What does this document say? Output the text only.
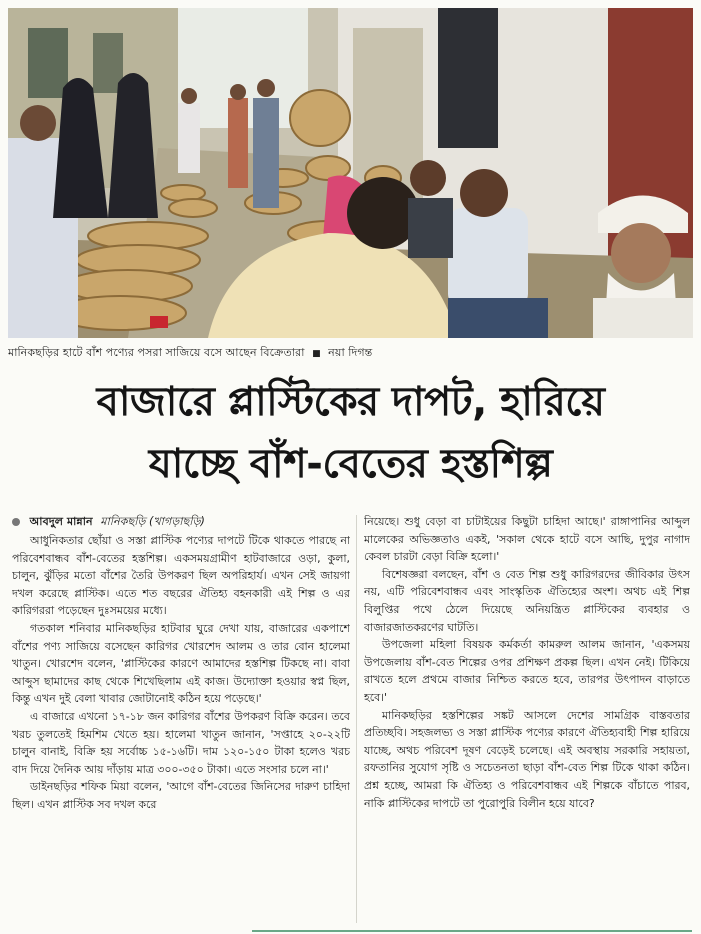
মানিকছড়ির হাটে বাঁশ পণ্যের পসরা সাজিয়ে বসে আছেন বিক্রেতারা ■ নয়া দিগন্ত
বাজারে প্লাস্টিকের দাপট, হারিয়ে
যাচ্ছে বাঁশ-বেতের হস্তশিল্প
আবদুল মান্নান মানিকছড়ি (খাগড়াছড়ি)

আধুনিকতার ছোঁয়া ও সস্তা প্লাস্টিক পণ্যের দাপটে টিকে থাকতে পারছে না পরিবেশবান্ধব বাঁশ-বেতের হস্তশিল্প। একসময়গ্রামীণ হাটবাজারে ওড়া, কুলা, চালুন, ঝুঁড়ির মতো বাঁশের তৈরি উপকরণ ছিল অপরিহার্য। এখন সেই জায়গা দখল করেছে প্লাস্টিক। এতে শত বছরের ঐতিহ্য বহনকারী এই শিল্প ও এর কারিগররা পড়েছেন দুঃসময়ের মধ্যে।

গতকাল শনিবার মানিকছড়ির হাটবার ঘুরে দেখা যায়, বাজারের একপাশে বাঁশের পণ্য সাজিয়ে বসেছেন কারিগর খোরশেদ আলম ও তার বোন হালেমা খাতুন। খোরশেদ বলেন, 'প্লাস্টিকের কারণে আমাদের হস্তশিল্প টিকছে না। বাবা আব্দুস ছামাদের কাছ থেকে শিখেছিলাম এই কাজ। উদ্যোক্তা হওয়ার স্বপ্ন ছিল, কিন্তু এখন দুই বেলা খাবার জোটানোই কঠিন হয়ে পড়েছে।'

এ বাজারে এখনো ১৭-১৮ জন কারিগর বাঁশের উপকরণ বিক্রি করেন। তবে খরচ তুলতেই হিমশিম খেতে হয়। হালেমা খাতুন জানান, 'সপ্তাহে ২০-২২টি চালুন বানাই, বিক্রি হয় সর্বোচ্চ ১৫-১৬টি। দাম ১২০-১৫০ টাকা হলেও খরচ বাদ দিয়ে দৈনিক আয় দাঁড়ায় মাত্র ৩০০-৩৫০ টাকা। এতে সংসার চলে না।'

ডাইনছড়ির শফিক মিয়া বলেন, 'আগে বাঁশ-বেতের জিনিসের দারুণ চাহিদা ছিল। এখন প্লাস্টিক সব দখল করে

নিয়েছে। শুধু বেড়া বা চাটাইয়ের কিছুটা চাহিদা আছে।' রাঙ্গাপানির আব্দুল মালেকের অভিজ্ঞতাও একই, 'সকাল থেকে হাটে বসে আছি, দুপুর নাগাদ কেবল চারটা বেড়া বিক্রি হলো।'

বিশেষজ্ঞরা বলছেন, বাঁশ ও বেত শিল্প শুধু কারিগরদের জীবিকার উৎস নয়, এটি পরিবেশবান্ধব এবং সাংস্কৃতিক ঐতিহ্যের অংশ। অথচ এই শিল্প বিলুপ্তির পথে ঠেলে দিয়েছে অনিয়ন্ত্রিত প্লাস্টিকের ব্যবহার ও বাজারজাতকরণের ঘাটতি।

উপজেলা মহিলা বিষয়ক কর্মকর্তা কামরুল আলম জানান, 'একসময় উপজেলায় বাঁশ-বেত শিল্পের ওপর প্রশিক্ষণ প্রকল্প ছিল। এখন নেই। টিকিয়ে রাখতে হলে প্রথমে বাজার নিশ্চিত করতে হবে, তারপর উৎপাদন বাড়াতে হবে।'

মানিকছড়ির হস্তশিল্পের সঙ্কট আসলে দেশের সামগ্রিক বাস্তবতার প্রতিচ্ছবি। সহজলভ্য ও সস্তা প্লাস্টিক পণ্যের কারণে ঐতিহ্যবাহী শিল্প হারিয়ে যাচ্ছে, অথচ পরিবেশ দূষণ বেড়েই চলেছে। এই অবস্থায় সরকারি সহায়তা, রফতানির সুযোগ সৃষ্টি ও সচেতনতা ছাড়া বাঁশ-বেত শিল্প টিকে থাকা কঠিন। প্রশ্ন হচ্ছে, আমরা কি ঐতিহ্য ও পরিবেশবান্ধব এই শিল্পকে বাঁচাতে পারব, নাকি প্লাস্টিকের দাপটে তা পুরোপুরি বিলীন হয়ে যাবে?
